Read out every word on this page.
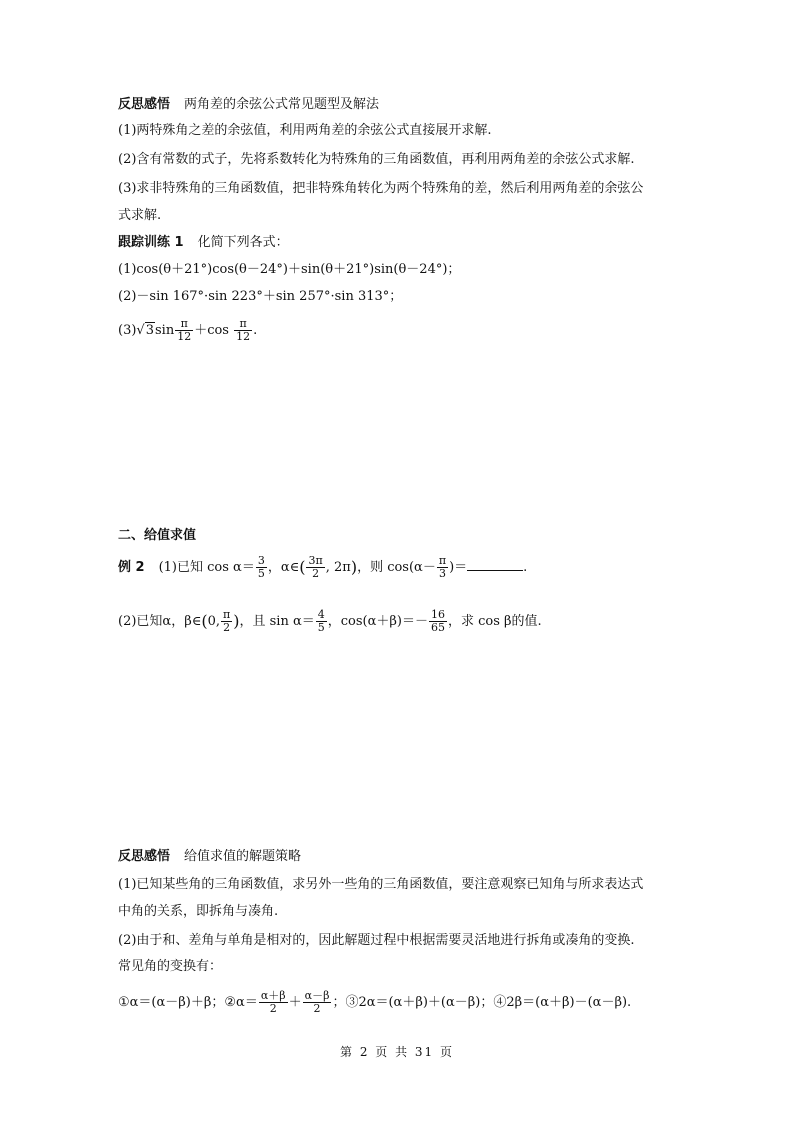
反思感悟 两角差的余弦公式常见题型及解法
(1)两特殊角之差的余弦值，利用两角差的余弦公式直接展开求解.
(2)含有常数的式子，先将系数转化为特殊角的三角函数值，再利用两角差的余弦公式求解.
(3)求非特殊角的三角函数值，把非特殊角转化为两个特殊角的差，然后利用两角差的余弦公
式求解.
跟踪训练 1 化简下列各式：
(1)cos(θ＋21°)cos(θ－24°)＋sin(θ＋21°)sin(θ－24°)；
(2)－sin 167°·sin 223°＋sin 257°·sin 313°；
$(3)√3\sin \frac{\pi}{12} +\cos \frac{\pi}{12}$ .
二、给值求值
例 2 (1)已知 $\cos \alpha= \frac{3}{5}$ ，α∈( $\frac{3\pi}{2}$ , 2π)，则 $\cos(\alpha- \frac{\pi}{3}$ )＝	.
(2)已知α，β∈(0, $\frac{\pi}{2}$ )，且 $\sin \alpha= \frac{4}{5}$ ，$\cos(\alpha+\beta)=- \frac{16}{65}$ ，求 cos β的值.
反思感悟 给值求值的解题策略
(1)已知某些角的三角函数值，求另外一些角的三角函数值，要注意观察已知角与所求表达式
中角的关系，即拆角与凑角.
(2)由于和、差角与单角是相对的，因此解题过程中根据需要灵活地进行拆角或凑角的变换.
常见角的变换有：
①α＝(α－β)＋β；②α＝ $\frac{\alpha+\beta}{2} + \frac{\alpha-\beta}{2}$ ；③2α＝(α＋β)＋(α－β)；④2β＝(α＋β)－(α－β).
第 2 页 共 31 页
